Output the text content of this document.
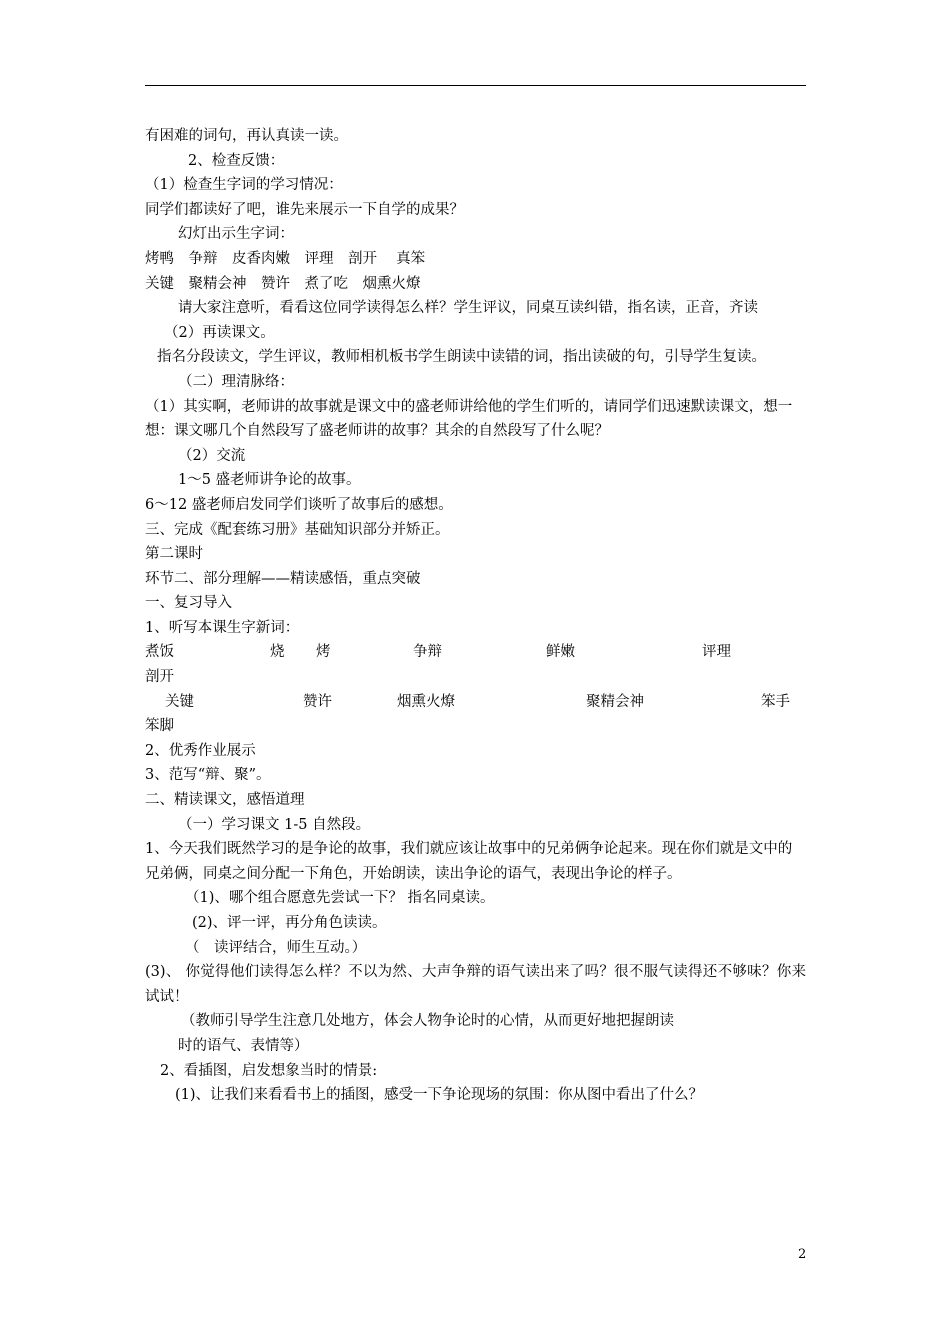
有困难的词句，再认真读一读。
2、检查反馈：
（1）检查生字词的学习情况：
同学们都读好了吧，谁先来展示一下自学的成果？
幻灯出示生字词：
烤鸭　争辩　皮香肉嫩　评理　剖开　 真笨
关键　聚精会神　赞许　煮了吃　烟熏火燎
请大家注意听，看看这位同学读得怎么样？学生评议，同桌互读纠错，指名读，正音，齐读
（2）再读课文。
指名分段读文，学生评议，教师相机板书学生朗读中读错的词，指出读破的句，引导学生复读。
（二）理清脉络：
（1）其实啊，老师讲的故事就是课文中的盛老师讲给他的学生们听的，请同学们迅速默读课文，想一
想：课文哪几个自然段写了盛老师讲的故事？其余的自然段写了什么呢？
（2）交流
1～5 盛老师讲争论的故事。
6～12 盛老师启发同学们谈听了故事后的感想。
三、完成《配套练习册》基础知识部分并矫正。
第二课时
环节二、部分理解——精读感悟，重点突破
一、复习导入
1、听写本课生字新词：
煮饭	烧 烤	争辩	鲜嫩	评理
剖开
关键	赞许	烟熏火燎	聚精会神	笨手
笨脚
2、优秀作业展示
3、范写“辩、聚”。
二、精读课文，感悟道理
（一）学习课文 1-5 自然段。
1、今天我们既然学习的是争论的故事，我们就应该让故事中的兄弟俩争论起来。现在你们就是文中的
兄弟俩，同桌之间分配一下角色，开始朗读，读出争论的语气，表现出争论的样子。
（1)、哪个组合愿意先尝试一下？ 指名同桌读。
(2)、评一评，再分角色读读。
（　读评结合，师生互动。）
(3)、 你觉得他们读得怎么样？不以为然、大声争辩的语气读出来了吗？很不服气读得还不够味？你来试试！
（教师引导学生注意几处地方，体会人物争论时的心情，从而更好地把握朗读
时的语气、表情等）
2、看插图，启发想象当时的情景:
(1)、让我们来看看书上的插图，感受一下争论现场的氛围：你从图中看出了什么？
2
